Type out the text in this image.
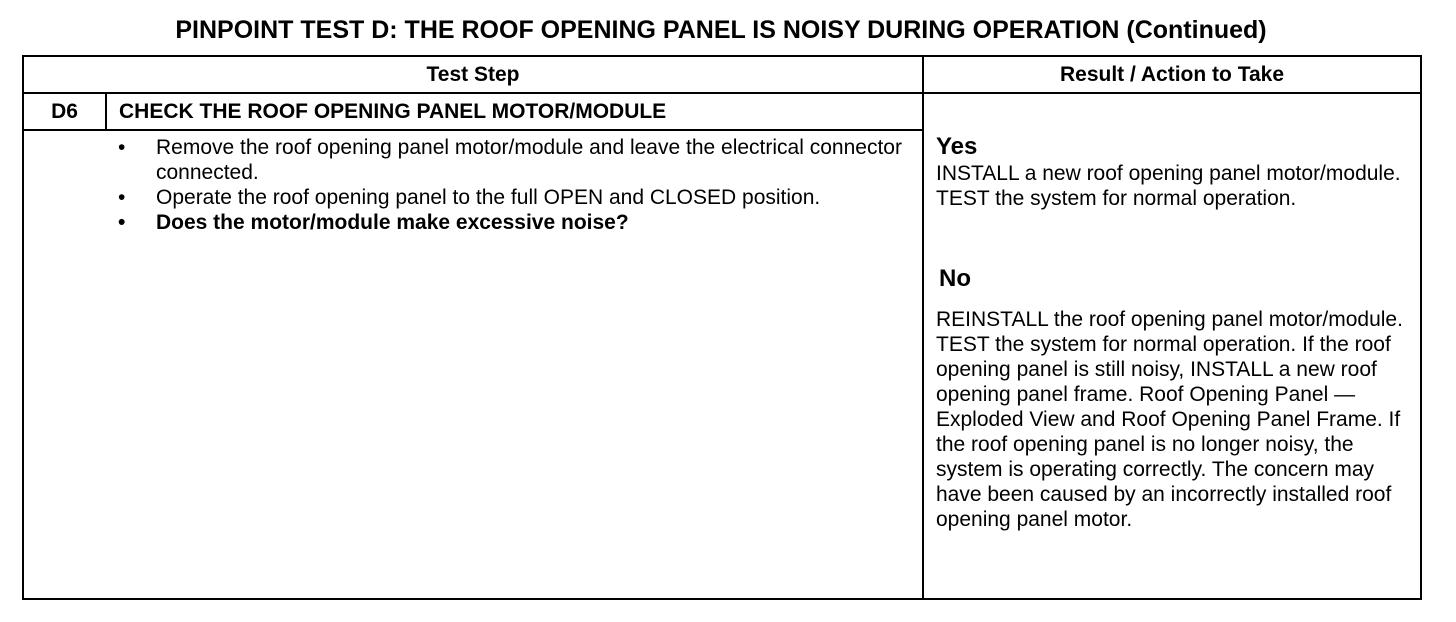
PINPOINT TEST D: THE ROOF OPENING PANEL IS NOISY DURING OPERATION (Continued)
Test Step	Result / Action to Take
D6	CHECK THE ROOF OPENING PANEL MOTOR/MODULE
• Remove the roof opening panel motor/module and leave the electrical connector connected.
• Operate the roof opening panel to the full OPEN and CLOSED position.
• Does the motor/module make excessive noise?
Yes
INSTALL a new roof opening panel motor/module. TEST the system for normal operation.
No
REINSTALL the roof opening panel motor/module. TEST the system for normal operation. If the roof opening panel is still noisy, INSTALL a new roof opening panel frame. Roof Opening Panel — Exploded View and Roof Opening Panel Frame. If the roof opening panel is no longer noisy, the system is operating correctly. The concern may have been caused by an incorrectly installed roof opening panel motor.
